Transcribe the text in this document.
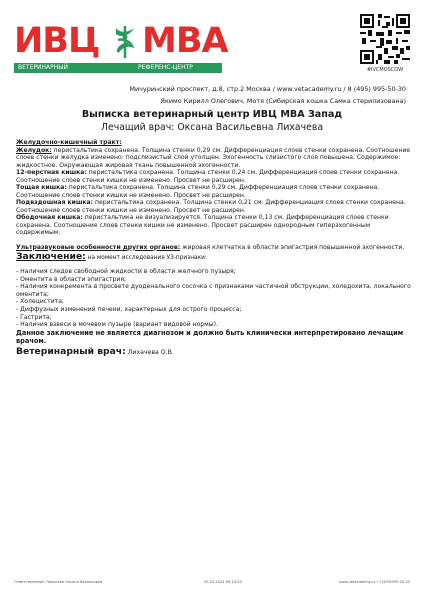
ИВЦ МВА
ВЕТЕРИНАРНЫЙ	РЕФЕРЕНС-ЦЕНТР	#IVCMOSCOW
Мичуринский проспект, д.8, стр.2 Москва / www.vetacademy.ru / 8 (495) 995-50-30
Якимо Кирилл Олегович, Мотя (Сибирская кошка Самка стерилизована)
Выписка ветеринарный центр ИВЦ МВА Запад
Лечащий врач: Оксана Васильевна Лихачева

Желудочно-кишечный тракт:

Желудок: перистальтика сохранена. Толщина стенки 0,29 см. Дифференциация слоев стенки сохранена. Соотношение слоев стенки желудка изменено: подслизистый слой утолщен. Эхогенность слизистого слоя повышена. Содержимое: жидкостное. Окружающая жировая ткань повышенной эхогенности.

12-перстная кишка: перистальтика сохранена. Толщина стенки 0,24 см. Дифференциация слоев стенки сохранена. Соотношение слоев стенки кишки не изменено. Просвет не расширен.

Тощая кишка: перистальтика сохранена. Толщина стенки 0,29 см. Дифференциация слоев стенки сохранена. Соотношение слоев стенки кишки не изменено. Просвет не расширен.

Подвздошная кишка: перистальтика сохранена. Толщина стенки 0,21 см. Дифференциация слоев стенки сохранена. Соотношение слоев стенки кишки не изменено. Просвет не расширен.

Ободочная кишка: перистальтика не визуализируется. Толщина стенки 0,13 см. Дифференциация слоев стенки сохранена. Соотношение слоев стенки кишки не изменено. Просвет расширен однородным гиперэхогенным содержимым.

Ультразвуковые особенности других органов: жировая клетчатка в области эпигастрия повышенной эхогенности.

Заключение: на момент исследования УЗ-признаки:

- Наличия следов свободной жидкости в области желчного пузыря;

- Оментита в области эпигастрия;

- Наличия конкремента в просвете дуоденального сосочка с признаками частичной обструкции, холедохита, локального оментита;

- Холецистита;

- Диффузных изменений печени, характерных для острого процесса;

- Гастрита;

- Наличия взвеси в мочевом пузыре (вариант видовой нормы).

Данное заключение не является диагнозом и должно быть клинически интерпретировано лечащим врачом.

Ветеринарный врач: Лихачева О.В.

Ответственный: Лихачева Оксана Васильевна	09.01.2024 09:13:00	www.vetacademy.ru +7(495)995-50-30
